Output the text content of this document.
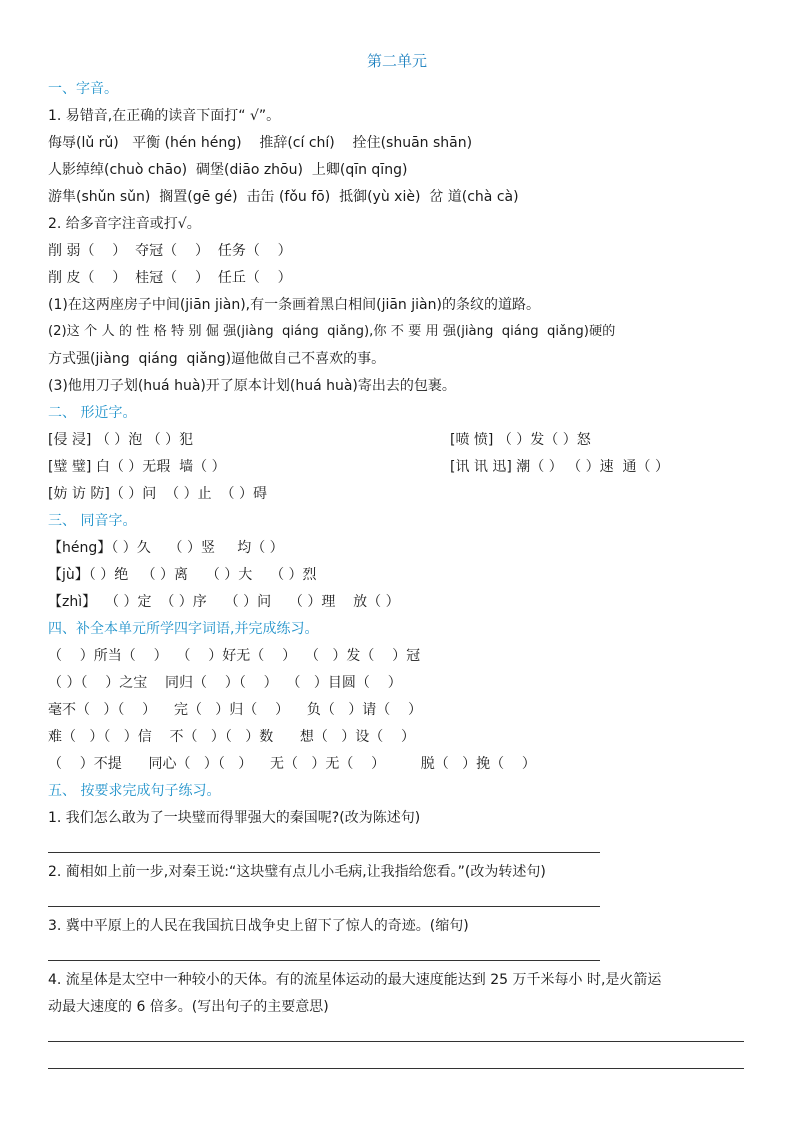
第二单元
一、字音。
1. 易错音,在正确的读音下面打“ √”。
侮辱(lǔ rǔ)   平衡 (hén héng)    推辞(cí chí)    拴住(shuān shān)
人影绰绰(chuò chāo)  碉堡(diāo zhōu)  上卿(qīn qīng)
游隼(shǔn sǔn)  搁置(gē gé)  击缶 (fǒu fō)  抵御(yù xiè)  岔 道(chà cà)
2. 给多音字注音或打√。
削 弱（    ）  夺冠（    ）  任务（    ）
削 皮（    ）  桂冠（    ）  任丘（    ）
(1)在这两座房子中间(jiān jiàn),有一条画着黑白相间(jiān jiàn)的条纹的道路。
(2)这 个 人 的 性 格 特 别 倔 强(jiàng  qiáng  qiǎng),你 不 要 用 强(jiàng  qiáng  qiǎng)硬的
方式强(jiàng  qiáng  qiǎng)逼他做自己不喜欢的事。
(3)他用刀子划(huá huà)开了原本计划(huá huà)寄出去的包裹。
二、 形近字。
[侵 浸] （ ）泡 （ ）犯	[喷 愤] （ ）发（ ）怒
[璧 璧] 白（ ）无瑕  墙（ ）	[讯 讯 迅] 潮（ ） （ ）速  通（ ）
[妨 访 防]（ ）问  （ ）止  （ ）碍
三、 同音字。
【héng】（ ）久    （ ）竖     均（ ）
【jù】（ ）绝   （ ）离    （ ）大    （ ）烈
【zhì】  （ ）定  （ ）序    （ ）问    （ ）理    放（ ）
四、补全本单元所学四字词语,并完成练习。
（    ）所当（    ）  （    ）好无（    ）  （   ）发（    ）冠
（ ）（    ）之宝    同归（    ）（    ）  （   ）目圆（    ）
毫不（   ）（    ）    完（   ）归（    ）    负（   ）请（    ）
难（   ）（   ）信    不（   ）（   ）数      想（   ）设（    ）
（    ）不提      同心（   ）（   ）    无（   ）无（    ）        脱（   ）挽（    ）
五、 按要求完成句子练习。
1. 我们怎么敢为了一块璧而得罪强大的秦国呢?(改为陈述句)
2. 蔺相如上前一步,对秦王说:“这块璧有点儿小毛病,让我指给您看。”(改为转述句)
3. 冀中平原上的人民在我国抗日战争史上留下了惊人的奇迹。(缩句)
4. 流星体是太空中一种较小的天体。有的流星体运动的最大速度能达到 25 万千米每小 时,是火箭运
动最大速度的 6 倍多。(写出句子的主要意思)
